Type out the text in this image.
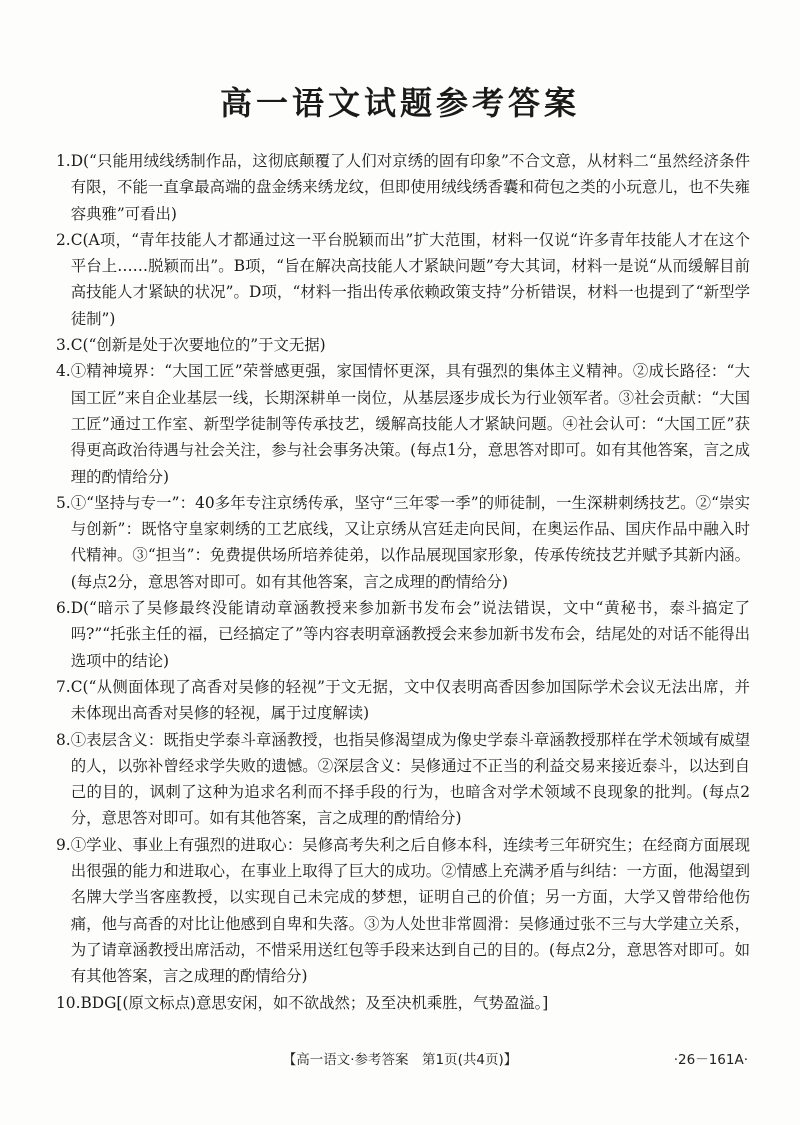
高一语文试题参考答案
1. D(“只能用绒线绣制作品，这彻底颠覆了人们对京绣的固有印象”不合文意，从材料二“虽然经济条件有限，不能一直拿最高端的盘金绣来绣龙纹，但即使用绒线绣香囊和荷包之类的小玩意儿，也不失雍容典雅”可看出)
2. C(A项，“青年技能人才都通过这一平台脱颖而出”扩大范围，材料一仅说“许多青年技能人才在这个平台上……脱颖而出”。B项，“旨在解决高技能人才紧缺问题”夸大其词，材料一是说“从而缓解目前高技能人才紧缺的状况”。D项，“材料一指出传承依赖政策支持”分析错误，材料一也提到了“新型学徒制”)
3. C(“创新是处于次要地位的”于文无据)
4. ①精神境界：“大国工匠”荣誉感更强，家国情怀更深，具有强烈的集体主义精神。②成长路径：“大国工匠”来自企业基层一线，长期深耕单一岗位，从基层逐步成长为行业领军者。③社会贡献：“大国工匠”通过工作室、新型学徒制等传承技艺，缓解高技能人才紧缺问题。④社会认可：“大国工匠”获得更高政治待遇与社会关注，参与社会事务决策。(每点1分，意思答对即可。如有其他答案，言之成理的酌情给分)
5. ①“坚持与专一”：40多年专注京绣传承，坚守“三年零一季”的师徒制，一生深耕刺绣技艺。②“崇实与创新”：既恪守皇家刺绣的工艺底线，又让京绣从宫廷走向民间，在奥运作品、国庆作品中融入时代精神。③“担当”：免费提供场所培养徒弟，以作品展现国家形象，传承传统技艺并赋予其新内涵。(每点2分，意思答对即可。如有其他答案，言之成理的酌情给分)
6. D(“暗示了吴修最终没能请动章涵教授来参加新书发布会”说法错误，文中“黄秘书，泰斗搞定了吗?”“托张主任的福，已经搞定了”等内容表明章涵教授会来参加新书发布会，结尾处的对话不能得出选项中的结论)
7. C(“从侧面体现了高香对吴修的轻视”于文无据，文中仅表明高香因参加国际学术会议无法出席，并未体现出高香对吴修的轻视，属于过度解读)
8. ①表层含义：既指史学泰斗章涵教授，也指吴修渴望成为像史学泰斗章涵教授那样在学术领域有威望的人，以弥补曾经求学失败的遗憾。②深层含义：吴修通过不正当的利益交易来接近泰斗，以达到自己的目的，讽刺了这种为追求名利而不择手段的行为，也暗含对学术领域不良现象的批判。(每点2分，意思答对即可。如有其他答案，言之成理的酌情给分)
9. ①学业、事业上有强烈的进取心：吴修高考失利之后自修本科，连续考三年研究生；在经商方面展现出很强的能力和进取心，在事业上取得了巨大的成功。②情感上充满矛盾与纠结：一方面，他渴望到名牌大学当客座教授，以实现自己未完成的梦想，证明自己的价值；另一方面，大学又曾带给他伤痛，他与高香的对比让他感到自卑和失落。③为人处世非常圆滑：吴修通过张不三与大学建立关系，为了请章涵教授出席活动，不惜采用送红包等手段来达到自己的目的。(每点2分，意思答对即可。如有其他答案，言之成理的酌情给分)
10. BDG[(原文标点)意思安闲，如不欲战然；及至决机乘胜，气势盈溢。]
【高一语文·参考答案　第1页(共4页)】	·26－161A·
